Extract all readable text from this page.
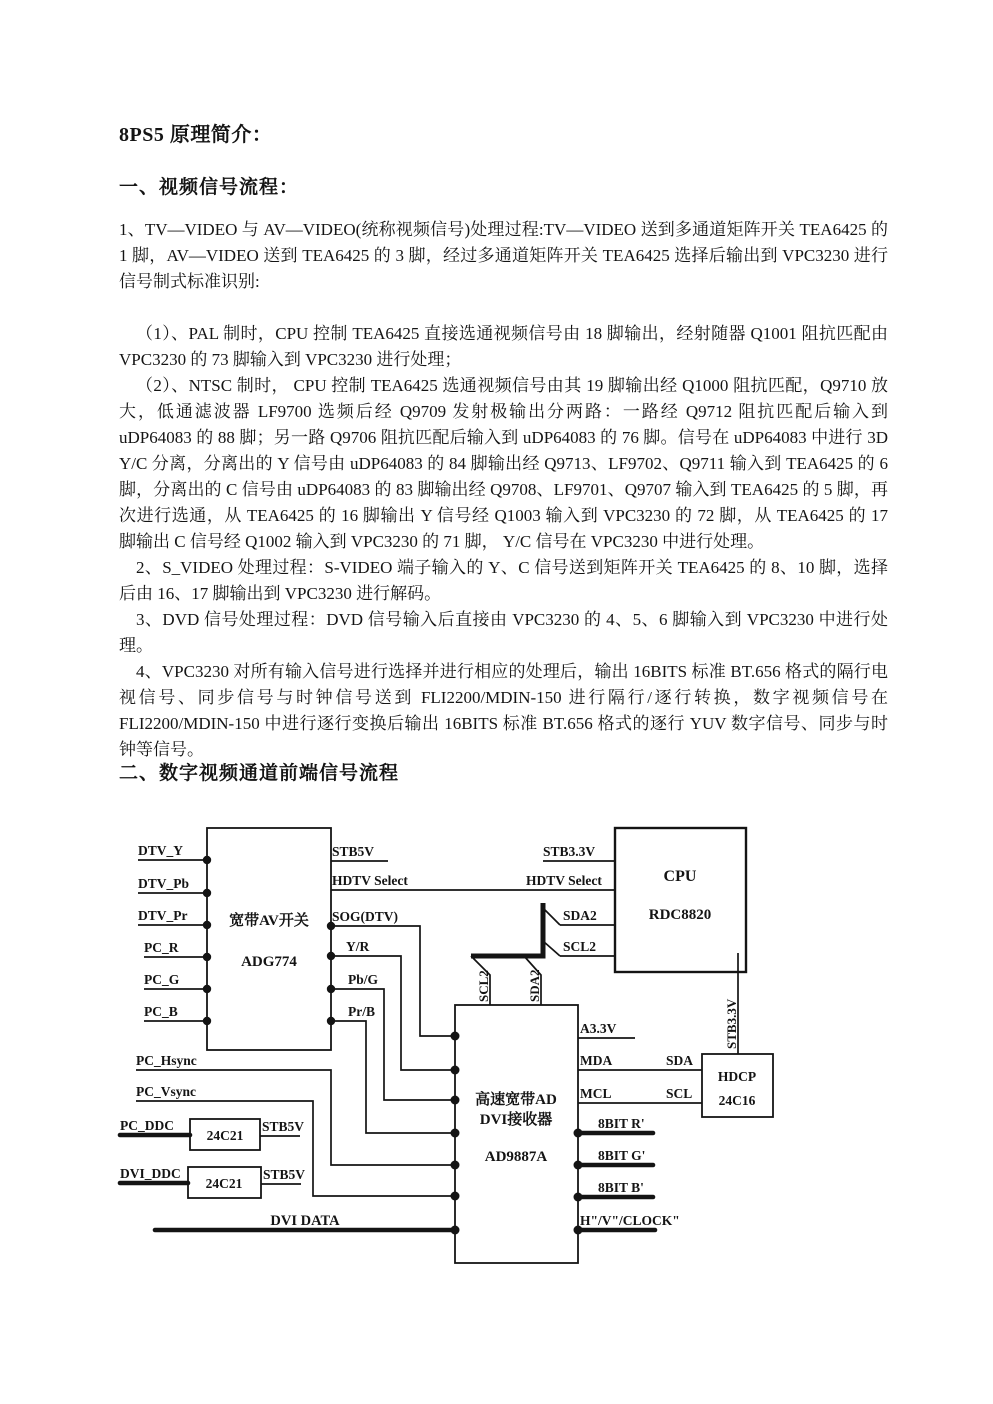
8PS5 原理简介：
一、视频信号流程：

1、TV—VIDEO 与 AV—VIDEO(统称视频信号)处理过程:TV—VIDEO 送到多通道矩阵开关 TEA6425 的 1 脚，AV—VIDEO 送到 TEA6425 的 3 脚，经过多通道矩阵开关 TEA6425 选择后输出到 VPC3230 进行信号制式标准识别:

（1）、PAL 制时，CPU 控制 TEA6425 直接选通视频信号由 18 脚输出，经射随器 Q1001 阻抗匹配由 VPC3230 的 73 脚输入到 VPC3230 进行处理；

（2）、NTSC 制时， CPU 控制 TEA6425 选通视频信号由其 19 脚输出经 Q1000 阻抗匹配，Q9710 放大，低通滤波器 LF9700 选频后经 Q9709 发射极输出分两路：一路经 Q9712 阻抗匹配后输入到 uDP64083 的 88 脚；另一路 Q9706 阻抗匹配后输入到 uDP64083 的 76 脚。信号在 uDP64083 中进行 3D Y/C 分离，分离出的 Y 信号由 uDP64083 的 84 脚输出经 Q9713、LF9702、Q9711 输入到 TEA6425 的 6 脚，分离出的 C 信号由 uDP64083 的 83 脚输出经 Q9708、LF9701、Q9707 输入到 TEA6425 的 5 脚，再次进行选通，从 TEA6425 的 16 脚输出 Y 信号经 Q1003 输入到 VPC3230 的 72 脚，从 TEA6425 的 17 脚输出 C 信号经 Q1002 输入到 VPC3230 的 71 脚， Y/C 信号在 VPC3230 中进行处理。

2、S_VIDEO 处理过程：S-VIDEO 端子输入的 Y、C 信号送到矩阵开关 TEA6425 的 8、10 脚，选择后由 16、17 脚输出到 VPC3230 进行解码。

3、DVD 信号处理过程：DVD 信号输入后直接由 VPC3230 的 4、5、6 脚输入到 VPC3230 中进行处理。

4、VPC3230 对所有输入信号进行选择并进行相应的处理后，输出 16BITS 标准 BT.656 格式的隔行电视信号、同步信号与时钟信号送到 FLI2200/MDIN-150 进行隔行/逐行转换，数字视频信号在 FLI2200/MDIN-150 中进行逐行变换后输出 16BITS 标准 BT.656 格式的逐行 YUV 数字信号、同步与时钟等信号。

二、数字视频通道前端信号流程
宽带AV开关
ADG774
CPU
RDC8820
高速宽带AD
DVI接收器
AD9887A
HDCP
24C16
24C21
24C21
DTV_Y
DTV_Pb
DTV_Pr
PC_R
PC_G
PC_B
STB5V
HDTV Select	HDTV Select
SOG(DTV)
Y/R
Pb/G
Pr/B
STB3.3V
SDA2
SCL2
SCL2	SDA2
PC_Hsync
PC_Vsync
PC_DDC	STB5V
DVI_DDC	STB5V
DVI DATA
A3.3V
MDA	SDA
MCL	SCL
STB3.3V
8BIT R'
8BIT G'
8BIT B'
H"/V"/CLOCK"
